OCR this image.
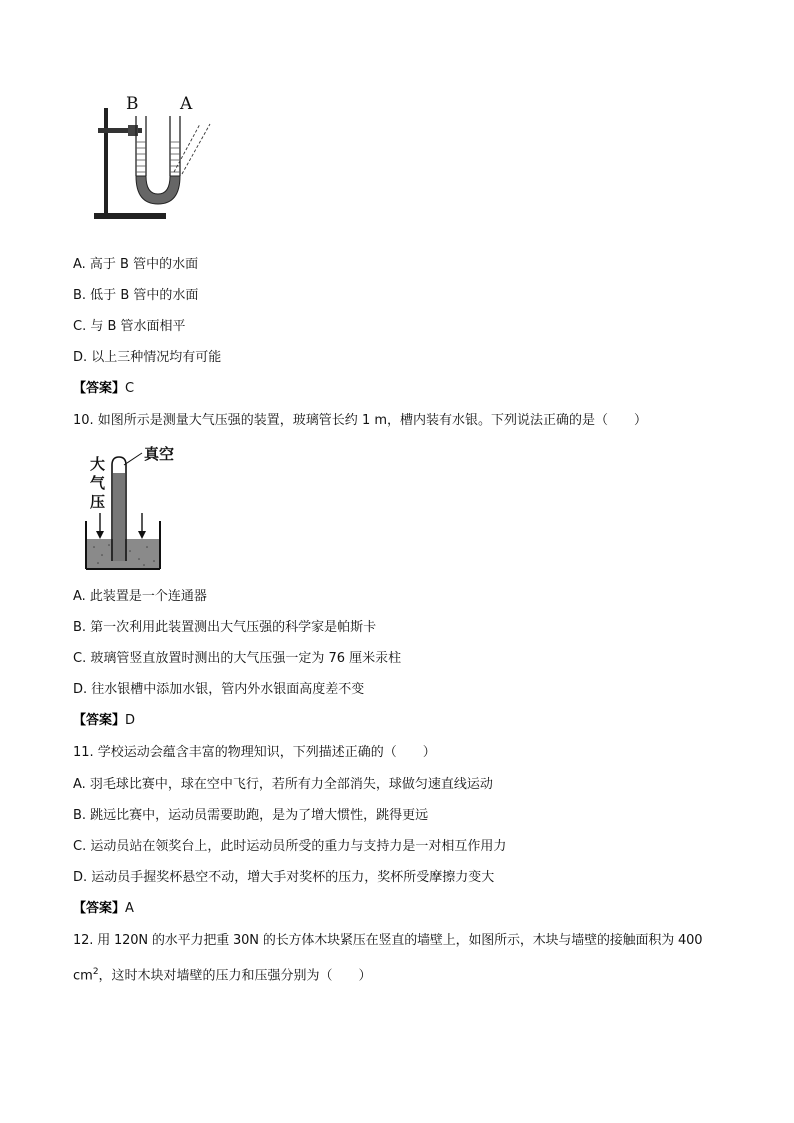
B A
A. 高于 B 管中的水面
B. 低于 B 管中的水面
C. 与 B 管水面相平
D. 以上三种情况均有可能
【答案】C
10. 如图所示是测量大气压强的装置，玻璃管长约 1 m，槽内装有水银。下列说法正确的是（　　）
真空
大
气
压
A. 此装置是一个连通器
B. 第一次利用此装置测出大气压强的科学家是帕斯卡
C. 玻璃管竖直放置时测出的大气压强一定为 76 厘米汞柱
D. 往水银槽中添加水银，管内外水银面高度差不变
【答案】D
11. 学校运动会蕴含丰富的物理知识，下列描述正确的（　　）
A. 羽毛球比赛中，球在空中飞行，若所有力全部消失，球做匀速直线运动
B. 跳远比赛中，运动员需要助跑，是为了增大惯性，跳得更远
C. 运动员站在领奖台上，此时运动员所受的重力与支持力是一对相互作用力
D. 运动员手握奖杯悬空不动，增大手对奖杯的压力，奖杯所受摩擦力变大
【答案】A
12. 用 120N 的水平力把重 30N 的长方体木块紧压在竖直的墙壁上，如图所示，木块与墙壁的接触面积为 400
$cm^2$，这时木块对墙壁的压力和压强分别为（　　）
